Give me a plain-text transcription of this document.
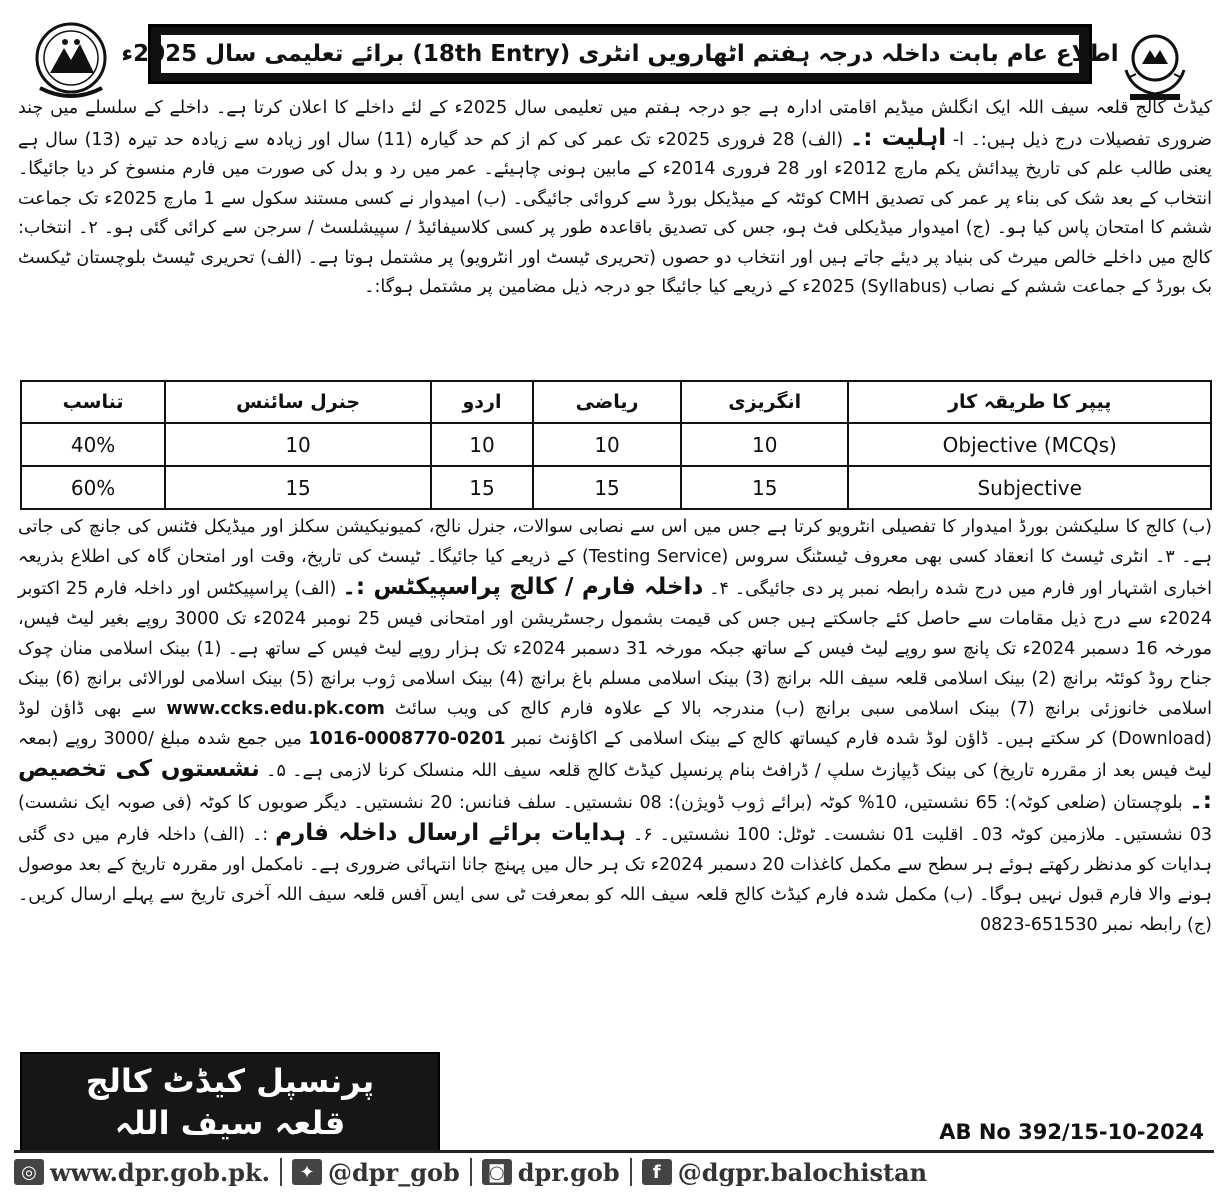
اطلاع عام بابت داخلہ درجہ ہفتم اٹھارویں انٹری (18th Entry) برائے تعلیمی سال 2025ء

کیڈٹ کالج قلعہ سیف اللہ ایک انگلش میڈیم اقامتی ادارہ ہے جو درجہ ہفتم میں تعلیمی سال 2025ء کے لئے داخلے کا اعلان کرتا ہے۔ داخلے کے سلسلے میں چند ضروری تفصیلات درج ذیل ہیں:۔ ا- اہلیت :۔ (الف) 28 فروری 2025ء تک عمر کی کم از کم حد گیارہ (11) سال اور زیادہ سے زیادہ حد تیرہ (13) سال ہے یعنی طالب علم کی تاریخ پیدائش یکم مارچ 2012ء اور 28 فروری 2014ء کے مابین ہونی چاہیئے۔ عمر میں رد و بدل کی صورت میں فارم منسوخ کر دیا جائیگا۔ انتخاب کے بعد شک کی بناء پر عمر کی تصدیق CMH کوئٹہ کے میڈیکل بورڈ سے کروائی جائیگی۔ (ب) امیدوار نے کسی مستند سکول سے 1 مارچ 2025ء تک جماعت ششم کا امتحان پاس کیا ہو۔ (ج) امیدوار میڈیکلی فٹ ہو، جس کی تصدیق باقاعدہ طور پر کسی کلاسیفائیڈ / سپیشلسٹ / سرجن سے کرائی گئی ہو۔ ۲۔ انتخاب: کالج میں داخلے خالص میرٹ کی بنیاد پر دیئے جاتے ہیں اور انتخاب دو حصوں (تحریری ٹیسٹ اور انٹرویو) پر مشتمل ہوتا ہے۔ (الف) تحریری ٹیسٹ بلوچستان ٹیکسٹ بک بورڈ کے جماعت ششم کے نصاب (Syllabus) 2025ء کے ذریعے کیا جائیگا جو درجہ ذیل مضامین پر مشتمل ہوگا:۔

پیپر کا طریقہ کار	انگریزی	ریاضی	اردو	جنرل سائنس	تناسب
Objective (MCQs)	10	10	10	10	40%
Subjective	15	15	15	15	60%

(ب) کالج کا سلیکشن بورڈ امیدوار کا تفصیلی انٹرویو کرتا ہے جس میں اس سے نصابی سوالات، جنرل نالج، کمیونیکیشن سکلز اور میڈیکل فٹنس کی جانچ کی جاتی ہے۔ ۳۔ انٹری ٹیسٹ کا انعقاد کسی بھی معروف ٹیسٹنگ سروس (Testing Service) کے ذریعے کیا جائیگا۔ ٹیسٹ کی تاریخ، وقت اور امتحان گاہ کی اطلاع بذریعہ اخباری اشتہار اور فارم میں درج شدہ رابطہ نمبر پر دی جائیگی۔ ۴۔ داخلہ فارم / کالج پراسپیکٹس :۔ (الف) پراسپیکٹس اور داخلہ فارم 25 اکتوبر 2024ء سے درج ذیل مقامات سے حاصل کئے جاسکتے ہیں جس کی قیمت بشمول رجسٹریشن اور امتحانی فیس 25 نومبر 2024ء تک 3000 روپے بغیر لیٹ فیس، مورخہ 16 دسمبر 2024ء تک پانچ سو روپے لیٹ فیس کے ساتھ جبکہ مورخہ 31 دسمبر 2024ء تک ہزار روپے لیٹ فیس کے ساتھ ہے۔ (1) بینک اسلامی منان چوک جناح روڈ کوئٹہ برانچ (2) بینک اسلامی قلعہ سیف اللہ برانچ (3) بینک اسلامی مسلم باغ برانچ (4) بینک اسلامی ژوب برانچ (5) بینک اسلامی لورالائی برانچ (6) بینک اسلامی خانوزئی برانچ (7) بینک اسلامی سبی برانچ (ب) مندرجہ بالا کے علاوہ فارم کالج کی ویب سائٹ www.ccks.edu.pk.com سے بھی ڈاؤن لوڈ (Download) کر سکتے ہیں۔ ڈاؤن لوڈ شدہ فارم کیساتھ کالج کے بینک اسلامی کے اکاؤنٹ نمبر 1016-0008770-0201 میں جمع شدہ مبلغ /3000 روپے (بمعہ لیٹ فیس بعد از مقررہ تاریخ) کی بینک ڈیپازٹ سلپ / ڈرافٹ بنام پرنسپل کیڈٹ کالج قلعہ سیف اللہ منسلک کرنا لازمی ہے۔ ۵۔ نشستوں کی تخصیص :۔ بلوچستان (ضلعی کوٹہ): 65 نشستیں، 10% کوٹہ (برائے ژوب ڈویژن): 08 نشستیں۔ سلف فنانس: 20 نشستیں۔ دیگر صوبوں کا کوٹہ (فی صوبہ ایک نشست) 03 نشستیں۔ ملازمین کوٹہ 03۔ اقلیت 01 نشست۔ ٹوٹل: 100 نشستیں۔ ۶۔ ہدایات برائے ارسال داخلہ فارم :۔ (الف) داخلہ فارم میں دی گئی ہدایات کو مدنظر رکھتے ہوئے ہر سطح سے مکمل کاغذات 20 دسمبر 2024ء تک ہر حال میں پہنچ جانا انتہائی ضروری ہے۔ نامکمل اور مقررہ تاریخ کے بعد موصول ہونے والا فارم قبول نہیں ہوگا۔ (ب) مکمل شدہ فارم کیڈٹ کالج قلعہ سیف اللہ کو بمعرفت ٹی سی ایس آفس قلعہ سیف اللہ آخری تاریخ سے پہلے ارسال کریں۔ (ج) رابطہ نمبر 0823-651530

پرنسپل کیڈٹ کالج
قلعہ سیف اللہ	AB No 392/15-10-2024
◎ www.dpr.gob.pk.	✦ @dpr_gob	◙ dpr.gob	f @dgpr.balochistan
